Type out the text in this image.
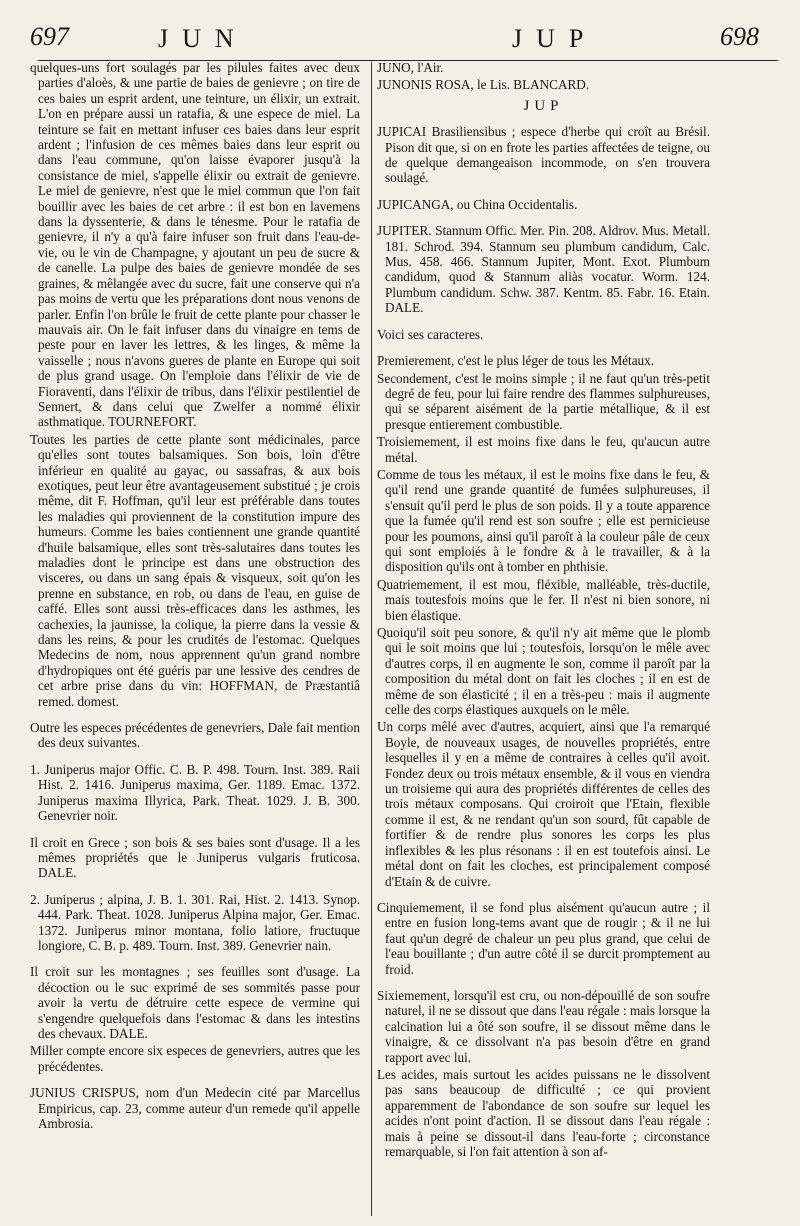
697	JUN	JUP	698
quelques-uns fort soulagés par les pilules faites avec deux parties d'aloès, & une partie de baies de genievre ; on tire de ces baies un esprit ardent, une teinture, un élixir, un extrait. L'on en prépare aussi un ratafia, & une espece de miel. La teinture se fait en mettant infuser ces baies dans leur esprit ardent ; l'infusion de ces mêmes baies dans leur esprit ou dans l'eau commune, qu'on laisse évaporer jusqu'à la consistance de miel, s'appelle élixir ou extrait de genievre. Le miel de genievre, n'est que le miel commun que l'on fait bouillir avec les baies de cet arbre : il est bon en lavemens dans la dyssenterie, & dans le ténesme. Pour le ratafia de genievre, il n'y a qu'à faire infuser son fruit dans l'eau-de-vie, ou le vin de Champagne, y ajoutant un peu de sucre & de canelle. La pulpe des baies de genievre mondée de ses graines, & mêlangée avec du sucre, fait une conserve qui n'a pas moins de vertu que les préparations dont nous venons de parler. Enfin l'on brûle le fruit de cette plante pour chasser le mauvais air. On le fait infuser dans du vinaigre en tems de peste pour en laver les lettres, & les linges, & même la vaisselle ; nous n'avons gueres de plante en Europe qui soit de plus grand usage. On l'emploie dans l'élixir de vie de Fioraventi, dans l'élixir de tribus, dans l'élixir pestilentiel de Sennert, & dans celui que Zwelfer a nommé élixir asthmatique. TOURNEFORT.
Toutes les parties de cette plante sont médicinales, parce qu'elles sont toutes balsamiques. Son bois, loin d'être inférieur en qualité au gayac, ou sassafras, & aux bois exotiques, peut leur être avantageusement substitué ; je crois même, dit F. Hoffman, qu'il leur est préférable dans toutes les maladies qui proviennent de la constitution impure des humeurs. Comme les baies contiennent une grande quantité d'huile balsamique, elles sont très-salutaires dans toutes les maladies dont le principe est dans une obstruction des visceres, ou dans un sang épais & visqueux, soit qu'on les prenne en substance, en rob, ou dans de l'eau, en guise de caffé. Elles sont aussi très-efficaces dans les asthmes, les cachexies, la jaunisse, la colique, la pierre dans la vessie & dans les reins, & pour les crudités de l'estomac. Quelques Medecins de nom, nous apprennent qu'un grand nombre d'hydropiques ont été guéris par une lessive des cendres de cet arbre prise dans du vin: HOFFMAN, de Præstantiâ remed. domest.
Outre les especes précédentes de genevriers, Dale fait mention des deux suivantes.
1. Juniperus major Offic. C. B. P. 498. Tourn. Inst. 389. Raii Hist. 2. 1416. Juniperus maxima, Ger. 1189. Emac. 1372. Juniperus maxima Illyrica, Park. Theat. 1029. J. B. 300. Genevrier noir.
Il croit en Grece ; son bois & ses baies sont d'usage. Il a les mêmes propriétés que le Juniperus vulgaris fruticosa. DALE.
2. Juniperus ; alpina, J. B. 1. 301. Rai, Hist. 2. 1413. Synop. 444. Park. Theat. 1028. Juniperus Alpina major, Ger. Emac. 1372. Juniperus minor montana, folio latiore, fructuque longiore, C. B. p. 489. Tourn. Inst. 389. Genevrier nain.
Il croit sur les montagnes ; ses feuilles sont d'usage. La décoction ou le suc exprimé de ses sommités passe pour avoir la vertu de détruire cette espece de vermine qui s'engendre quelquefois dans l'estomac & dans les intestins des chevaux. DALE.
Miller compte encore six especes de genevriers, autres que les précédentes.
JUNIUS CRISPUS, nom d'un Medecin cité par Marcellus Empiricus, cap. 23, comme auteur d'un remede qu'il appelle Ambrosia.
JUNO, l'Air.
JUNONIS ROSA, le Lis. BLANCARD.
JUP
JUPICAI Brasiliensibus ; espece d'herbe qui croît au Brésil. Pison dit que, si on en frote les parties affectées de teigne, ou de quelque demangeaison incommode, on s'en trouvera soulagé.
JUPICANGA, ou China Occidentalis.
JUPITER. Stannum Offic. Mer. Pin. 208. Aldrov. Mus. Metall. 181. Schrod. 394. Stannum seu plumbum candidum, Calc. Mus. 458. 466. Stannum Jupiter, Mont. Exot. Plumbum candidum, quod & Stannum aliàs vocatur. Worm. 124. Plumbum candidum. Schw. 387. Kentm. 85. Fabr. 16. Etain. DALE.
Voici ses caracteres.
Premierement, c'est le plus léger de tous les Métaux.
Secondement, c'est le moins simple ; il ne faut qu'un très-petit degré de feu, pour lui faire rendre des flammes sulphureuses, qui se séparent aisément de la partie métallique, & il est presque entierement combustible.
Troisiemement, il est moins fixe dans le feu, qu'aucun autre métal.
Comme de tous les métaux, il est le moins fixe dans le feu, & qu'il rend une grande quantité de fumées sulphureuses, il s'ensuit qu'il perd le plus de son poids. Il y a toute apparence que la fumée qu'il rend est son soufre ; elle est pernicieuse pour les poumons, ainsi qu'il paroît à la couleur pâle de ceux qui sont emploiés à le fondre & à le travailler, & à la disposition qu'ils ont à tomber en phthisie.
Quatriemement, il est mou, fléxible, malléable, très-ductile, mais toutesfois moins que le fer. Il n'est ni bien sonore, ni bien élastique.
Quoiqu'il soit peu sonore, & qu'il n'y ait même que le plomb qui le soit moins que lui ; toutesfois, lorsqu'on le mêle avec d'autres corps, il en augmente le son, comme il paroît par la composition du métal dont on fait les cloches ; il en est de même de son élasticité ; il en a très-peu : mais il augmente celle des corps élastiques auxquels on le mêle.
Un corps mêlé avec d'autres, acquiert, ainsi que l'a remarqué Boyle, de nouveaux usages, de nouvelles propriétés, entre lesquelles il y en a même de contraires à celles qu'il avoit. Fondez deux ou trois métaux ensemble, & il vous en viendra un troisieme qui aura des propriétés différentes de celles des trois métaux composans. Qui croiroit que l'Etain, flexible comme il est, & ne rendant qu'un son sourd, fût capable de fortifier & de rendre plus sonores les corps les plus inflexibles & les plus résonans : il en est toutefois ainsi. Le métal dont on fait les cloches, est principalement composé d'Etain & de cuivre.
Cinquiemement, il se fond plus aisément qu'aucun autre ; il entre en fusion long-tems avant que de rougir ; & il ne lui faut qu'un degré de chaleur un peu plus grand, que celui de l'eau bouillante ; d'un autre côté il se durcit promptement au froid.
Sixiemement, lorsqu'il est cru, ou non-dépouillé de son soufre naturel, il ne se dissout que dans l'eau régale : mais lorsque la calcination lui a ôté son soufre, il se dissout même dans le vinaigre, & ce dissolvant n'a pas besoin d'être en grand rapport avec lui.
Les acides, mais surtout les acides puissans ne le dissolvent pas sans beaucoup de difficulté ; ce qui provient apparemment de l'abondance de son soufre sur lequel les acides n'ont point d'action. Il se dissout dans l'eau régale : mais à peine se dissout-il dans l'eau-forte ; circonstance remarquable, si l'on fait attention à son af-
